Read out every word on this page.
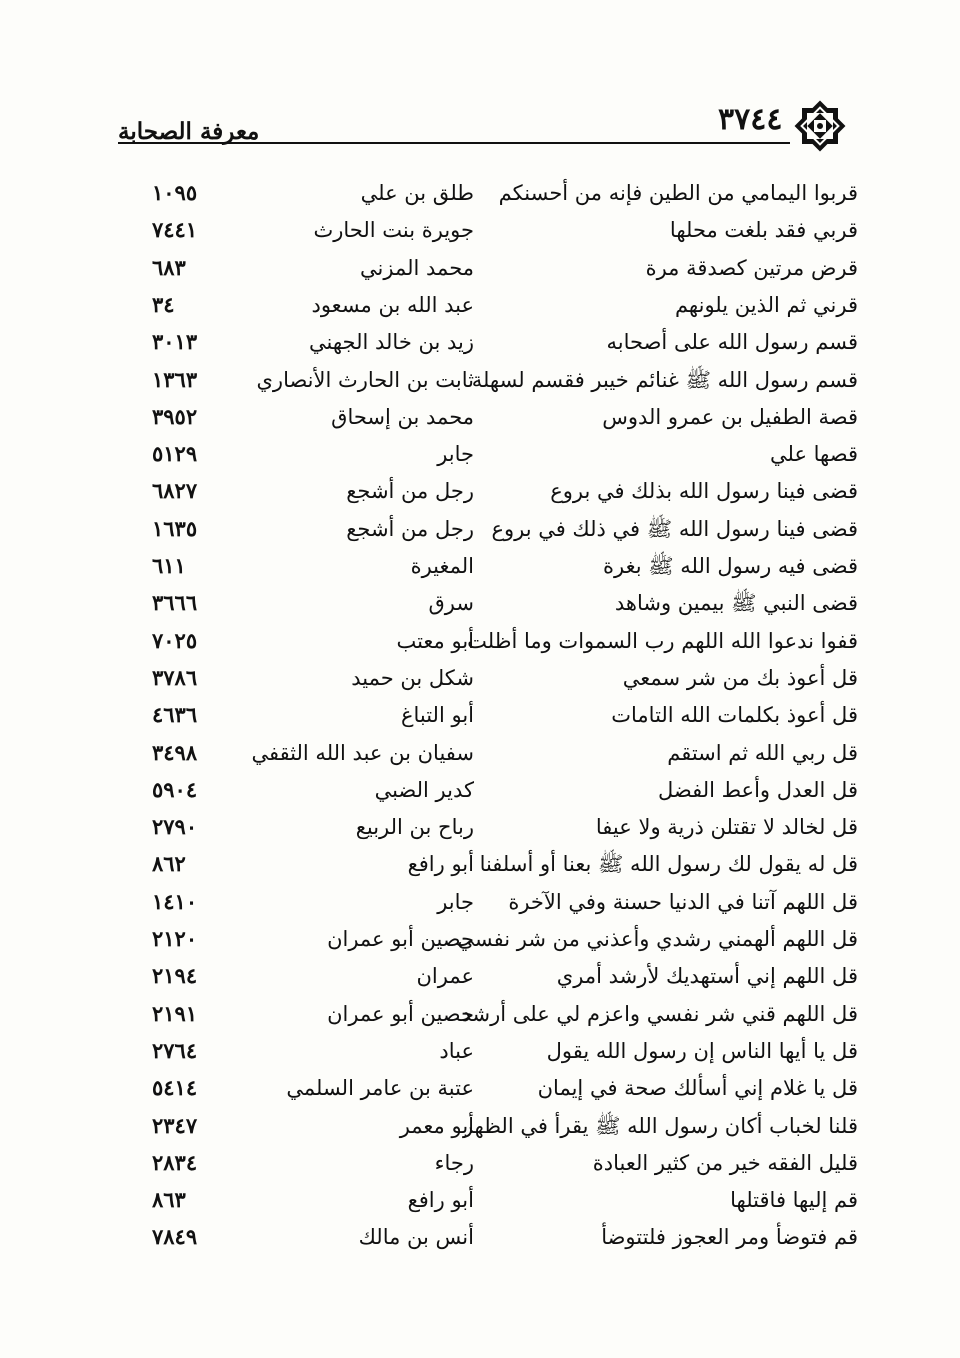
معرفة الصحابة	٣٧٤٤
قربوا اليمامي من الطين فإنه من أحسنكم
طلق بن علي
١٠٩٥
قربي فقد بلغت محلها
جويرة بنت الحارث
٧٤٤١
قرض مرتين كصدقة مرة
محمد المزني
٦٨٣
قرني ثم الذين يلونهم
عبد الله بن مسعود
٣٤
قسم رسول الله على أصحابه
زيد بن خالد الجهني
٣٠١٣
قسم رسول الله ﷺ غنائم خيبر فقسم لسهلة
ثابت بن الحارث الأنصاري
١٣٦٣
قصة الطفيل بن عمرو الدوس
محمد بن إسحاق
٣٩٥٢
قصها علي
جابر
٥١٢٩
قضى فينا رسول الله بذلك في بروع
رجل من أشجع
٦٨٢٧
قضى فينا رسول الله ﷺ في ذلك في بروع
رجل من أشجع
١٦٣٥
قضى فيه رسول الله ﷺ بغرة
المغيرة
٦١١
قضى النبي ﷺ بيمين وشاهد
سرق
٣٦٦٦
قفوا ندعوا الله اللهم رب السموات وما أظلت
أبو معتب
٧٠٢٥
قل أعوذ بك من شر سمعي
شكل بن حميد
٣٧٨٦
قل أعوذ بكلمات الله التامات
أبو التباغ
٤٦٣٦
قل ربي الله ثم استقم
سفيان بن عبد الله الثقفي
٣٤٩٨
قل العدل وأعط الفضل
كدير الضبي
٥٩٠٤
قل لخالد لا تقتلن ذرية ولا عيفا
رباح بن الربيع
٢٧٩٠
قل له يقول لك رسول الله ﷺ بعنا أو أسلفنا
أبو رافع
٨٦٢
قل اللهم آتنا في الدنيا حسنة وفي الآخرة
جابر
١٤١٠
قل اللهم ألهمني رشدي وأعذني من شر نفسي
حصين أبو عمران
٢١٢٠
قل اللهم إني أستهديك لأرشد أمري
عمران
٢١٩٤
قل اللهم قني شر نفسي واعزم لي على أرشد
حصين أبو عمران
٢١٩١
قل يا أيها الناس إن رسول الله يقول
عباد
٢٧٦٤
قل يا غلام إني أسألك صحة في إيمان
عتبة بن عامر السلمي
٥٤١٤
قلنا لخباب أكان رسول الله ﷺ يقرأ في الظهر
أبو معمر
٢٣٤٧
قليل الفقه خير من كثير العبادة
رجاء
٢٨٣٤
قم إليها فاقتلها
أبو رافع
٨٦٣
قم فتوضأ ومر العجوز فلتتوضأ
أنس بن مالك
٧٨٤٩
